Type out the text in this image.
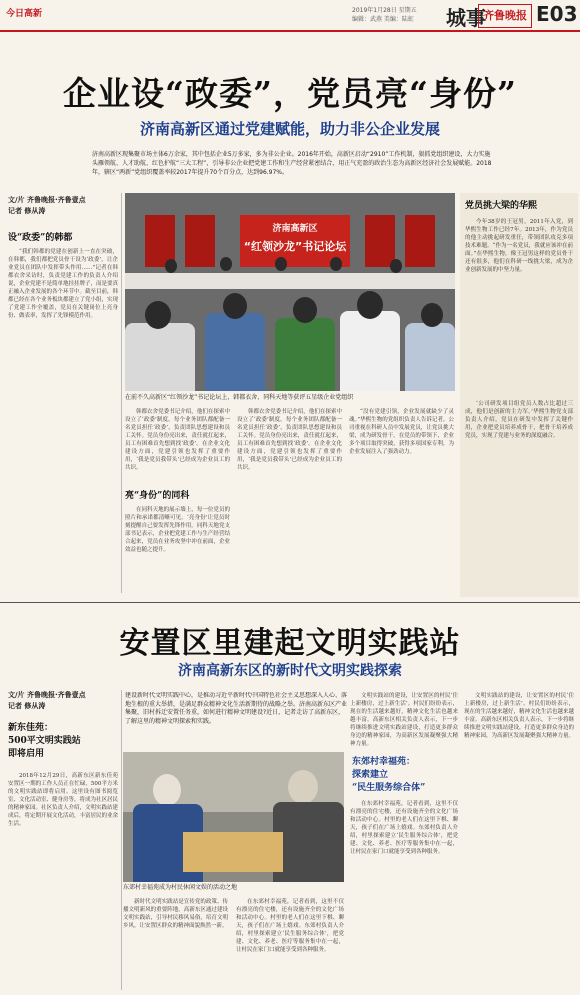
今日高新	2019年1月28日 星期五
编辑：武燕 美编：陆虹	城事
齐鲁晚报 E03
企业设“政委”，党员亮“身份”
济南高新区通过党建赋能，助力非公企业发展
济南高新区现集聚市场主体6万余家，其中包括企业5万多家，多为非公企业。2016年开始，高新区启动“2910”工作机制，狠抓党组织建设，大力实施头雁领航、人才助航、红色护航“三大工程”，引导非公企业把党建工作和生产经营紧密结合，用正气充盈的政治生态为高新区经济社会发展赋能。2018年，辖区“两新”党组织覆盖率较2017年提升70个百分点，达到96.97%。
文/片 齐鲁晚报·齐鲁壹点
记者 修从涛
设“政委”的韩都
“我们韩都的党建在创新上一直在突破，在韩都，我们都把党员骨干设为‘政委’，让企业党员在团队中发挥带头作用……”记者在韩都衣舍采访时，负责党建工作的负责人介绍说，企业党建不是简单地挂挂牌子，而是要真正融入企业发展的各个环节中。截至目前，韩都已经在各个业务板块都建立了党小组，实现了党建工作全覆盖，党员在关键岗位上亮身份、做表率，发挥了先锋模范作用。
济南高新区
“红领沙龙”书记论坛
在前不久高新区“红领沙龙”书记论坛上，韩都衣舍、同科天地等获评五星级企业党组织
韩都衣舍党委书记介绍，他们在探索中设立了‘政委’制度，每个业务团队都配备一名党员担任‘政委’，负责团队思想建设和员工关怀。党员身份亮出来，责任就扛起来，员工有困难首先想到找‘政委’。在企业文化建设方面，党建引领也发挥了重要作用，‘我是党员我带头’已经成为企业员工的共识。
亮“身份”的同科
在同科天地的展示墙上，每一位党员的照片和承诺都清晰可见。‘亮身份’让党员时刻提醒自己要发挥先锋作用。同科天地党支部书记表示，企业把党建工作与生产经营结合起来，党员在业务攻坚中冲在前面，企业效益也随之提升。
韩都衣舍党委书记介绍，他们在探索中设立了‘政委’制度，每个业务团队都配备一名党员担任‘政委’，负责团队思想建设和员工关怀。党员身份亮出来，责任就扛起来，员工有困难首先想到找‘政委’。在企业文化建设方面，党建引领也发挥了重要作用，‘我是党员我带头’已经成为企业员工的共识。
“没有党建引领，企业发展就缺少了灵魂。”华熙生物的党组织负责人告诉记者，公司重视在科研人员中发展党员，让党员挑大梁，成为研发骨干。在党员的带领下，企业多个项目取得突破，获得多项国家专利，为企业发展注入了强劲动力。
党员挑大梁的华熙
今年38岁的王冠男，2011年入党，到华熙生物工作已经7年。2013年，作为党员的他主动挑起研发重任，带领团队攻克多项技术难题。“作为一名党员，我就应该冲在前面。”在华熙生物，像王冠男这样的党员骨干还有很多，他们在科研一线挑大梁，成为企业创新发展的中坚力量。
‘公司研发项目组党员人数占比超过三成，他们是创新的主力军。’华熙生物党支部负责人介绍，党员在研发中发挥了关键作用，企业把党员培养成骨干，把骨干培养成党员，实现了党建与业务的深度融合。
安置区里建起文明实践站
济南高新东区的新时代文明实践探索
文/片 齐鲁晚报·齐鲁壹点
记者 修从涛
新东佳苑：
500平文明实践站
即将启用
2018年12月29日，高新东区新东佳苑安置区一期的工作人员正在忙碌，500平方米的文明实践站即将启用。这里设有图书阅览室、文化活动室、健身房等，将成为社区居民的精神家园。社区负责人介绍，文明实践站建成后，将定期开展文化活动，丰富居民的业余生活。
建设新时代文明实践中心，是推动习近平新时代中国特色社会主义思想深入人心、落地生根的重大举措，是满足群众精神文化生活新期待的战略之举。济南高新东区产业集聚，旧村拆迁安置任务重，如何进行精神文明建设?近日，记者走访了高新东区，了解这里的精神文明探索和实践。
东郊村幸福苑成为村民休闲文娱的活动之地
新时代文明实践站是宣传党的政策、传播文明新风的重要阵地。高新东区通过建设文明实践站，引导村民移风易俗，培育文明乡风，让安置区群众的精神面貌焕然一新。
在东郊村幸福苑，记者看到，这里不仅有漂亮的住宅楼，还有设施齐全的文化广场和活动中心。村里的老人们在这里下棋、聊天，孩子们在广场上嬉戏。东郊村负责人介绍，村里探索建立‘民生服务综合体’，把党建、文化、养老、医疗等服务集中在一起，让村民在家门口就能享受到各种服务。
文明实践站的建设，让安置区的村民‘住上新楼房，过上新生活’。村民们纷纷表示，现在的生活越来越好，精神文化生活也越来越丰富。高新东区相关负责人表示，下一步将继续推进文明实践站建设，打造更多群众身边的精神家园，为高新区发展凝聚强大精神力量。
东郊村幸福苑：
探索建立
“民生服务综合体”
在东郊村幸福苑，记者看到，这里不仅有漂亮的住宅楼，还有设施齐全的文化广场和活动中心。村里的老人们在这里下棋、聊天，孩子们在广场上嬉戏。东郊村负责人介绍，村里探索建立‘民生服务综合体’，把党建、文化、养老、医疗等服务集中在一起，让村民在家门口就能享受到各种服务。
文明实践站的建设，让安置区的村民‘住上新楼房，过上新生活’。村民们纷纷表示，现在的生活越来越好，精神文化生活也越来越丰富。高新东区相关负责人表示，下一步将继续推进文明实践站建设，打造更多群众身边的精神家园，为高新区发展凝聚强大精神力量。
